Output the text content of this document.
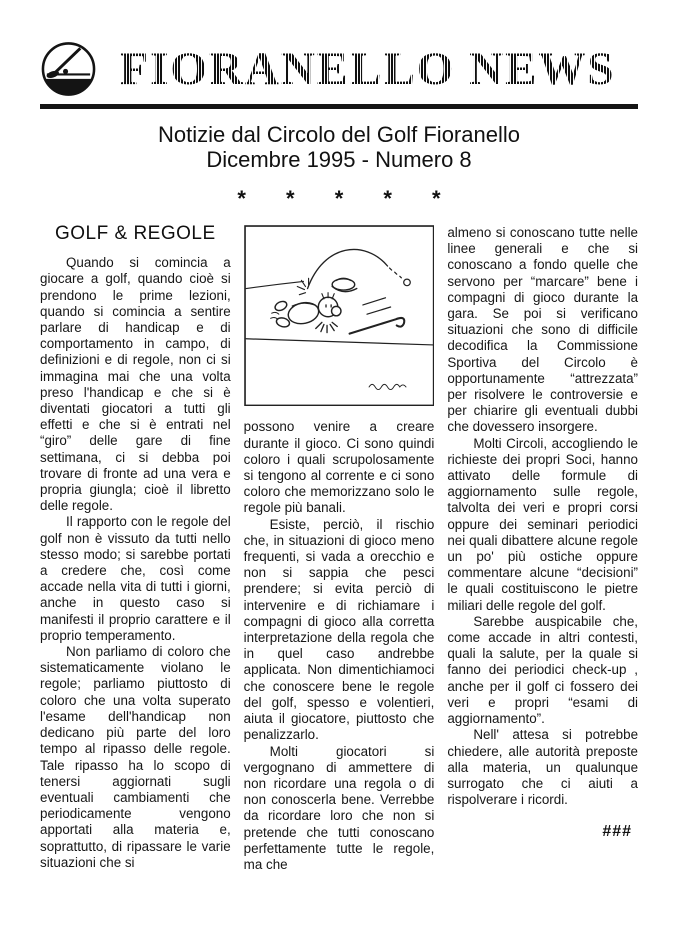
FIORANELLO NEWS
Notizie dal Circolo del Golf Fioranello
Dicembre 1995 - Numero 8
* * * * *
GOLF & REGOLE

Quando si comincia a giocare a golf, quando cioè si prendono le prime lezioni, quando si comincia a sentire parlare di handicap e di comportamento in campo, di definizioni e di regole, non ci si immagina mai che una volta preso l'handicap e che si è diventati giocatori a tutti gli effetti e che si è entrati nel “giro” delle gare di fine settimana, ci si debba poi trovare di fronte ad una vera e propria giungla; cioè il libretto delle regole.

Il rapporto con le regole del golf non è vissuto da tutti nello stesso modo; si sarebbe portati a credere che, così come accade nella vita di tutti i giorni, anche in questo caso si manifesti il proprio carattere e il proprio temperamento.

Non parliamo di coloro che sistematicamente violano le regole; parliamo piuttosto di coloro che una volta superato l'esame dell'handicap non dedicano più parte del loro tempo al ripasso delle regole. Tale ripasso ha lo scopo di tenersi aggiornati sugli eventuali cambiamenti che periodicamente vengono apportati alla materia e, soprattutto, di ripassare le varie situazioni che si

possono venire a creare durante il gioco. Ci sono quindi coloro i quali scrupolosamente si tengono al corrente e ci sono coloro che memorizzano solo le regole più banali.

Esiste, perciò, il rischio che, in situazioni di gioco meno frequenti, si vada a orecchio e non si sappia che pesci prendere; si evita perciò di intervenire e di richiamare i compagni di gioco alla corretta interpretazione della regola che in quel caso andrebbe applicata. Non dimentichiamoci che conoscere bene le regole del golf, spesso e volentieri, aiuta il giocatore, piuttosto che penalizzarlo.

Molti giocatori si vergognano di ammettere di non ricordare una regola o di non conoscerla bene. Verrebbe da ricordare loro che non si pretende che tutti conoscano perfettamente tutte le regole, ma che

almeno si conoscano tutte nelle linee generali e che si conoscano a fondo quelle che servono per “marcare” bene i compagni di gioco durante la gara. Se poi si verificano situazioni che sono di difficile decodifica la Commissione Sportiva del Circolo è opportunamente “attrezzata” per risolvere le controversie e per chiarire gli eventuali dubbi che dovessero insorgere.

Molti Circoli, accogliendo le richieste dei propri Soci, hanno attivato delle formule di aggiornamento sulle regole, talvolta dei veri e propri corsi oppure dei seminari periodici nei quali dibattere alcune regole un po' più ostiche oppure commentare alcune “decisioni” le quali costituiscono le pietre miliari delle regole del golf.

Sarebbe auspicabile che, come accade in altri contesti, quali la salute, per la quale si fanno dei periodici check-up , anche per il golf ci fossero dei veri e propri “esami di aggiornamento”.

Nell' attesa si potrebbe chiedere, alle autorità preposte alla materia, un qualunque surrogato che ci aiuti a rispolverare i ricordi.

###
